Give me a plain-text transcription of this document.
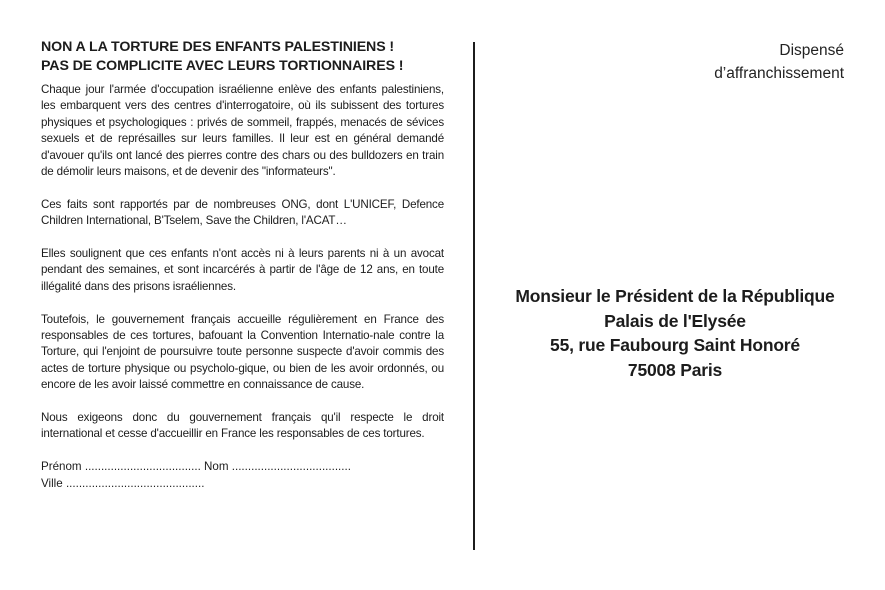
NON A LA TORTURE DES ENFANTS PALESTINIENS !
PAS DE COMPLICITE AVEC LEURS TORTIONNAIRES !

Chaque jour l'armée d'occupation israélienne enlève des enfants palestiniens, les embarquent vers des centres d'interrogatoire, où ils subissent des tortures physiques et psychologiques : privés de sommeil, frappés, menacés de sévices sexuels et de représailles sur leurs familles. Il leur est en général demandé d'avouer qu'ils ont lancé des pierres contre des chars ou des bulldozers en train de démolir leurs maisons, et de devenir des "informateurs".

Ces faits sont rapportés par de nombreuses ONG, dont L'UNICEF, Defence Children International, B'Tselem, Save the Children, l'ACAT…

Elles soulignent que ces enfants n'ont accès ni à leurs parents ni à un avocat pendant des semaines, et sont incarcérés à partir de l'âge de 12 ans, en toute illégalité dans des prisons israéliennes.

Toutefois, le gouvernement français accueille régulièrement en France des responsables de ces tortures, bafouant la Convention Internatio-nale contre la Torture, qui l'enjoint de poursuivre toute personne suspecte d'avoir commis des actes de torture physique ou psycholo-gique, ou bien de les avoir ordonnés, ou encore de les avoir laissé commettre en connaissance de cause.

Nous exigeons donc du gouvernement français qu'il respecte le droit international et cesse d'accueillir en France les responsables de ces tortures.

Prénom .................................... Nom .....................................
Ville ...........................................
Dispensé
d’affranchissement
Monsieur le Président de la République
Palais de l'Elysée
55, rue Faubourg Saint Honoré
75008 Paris
